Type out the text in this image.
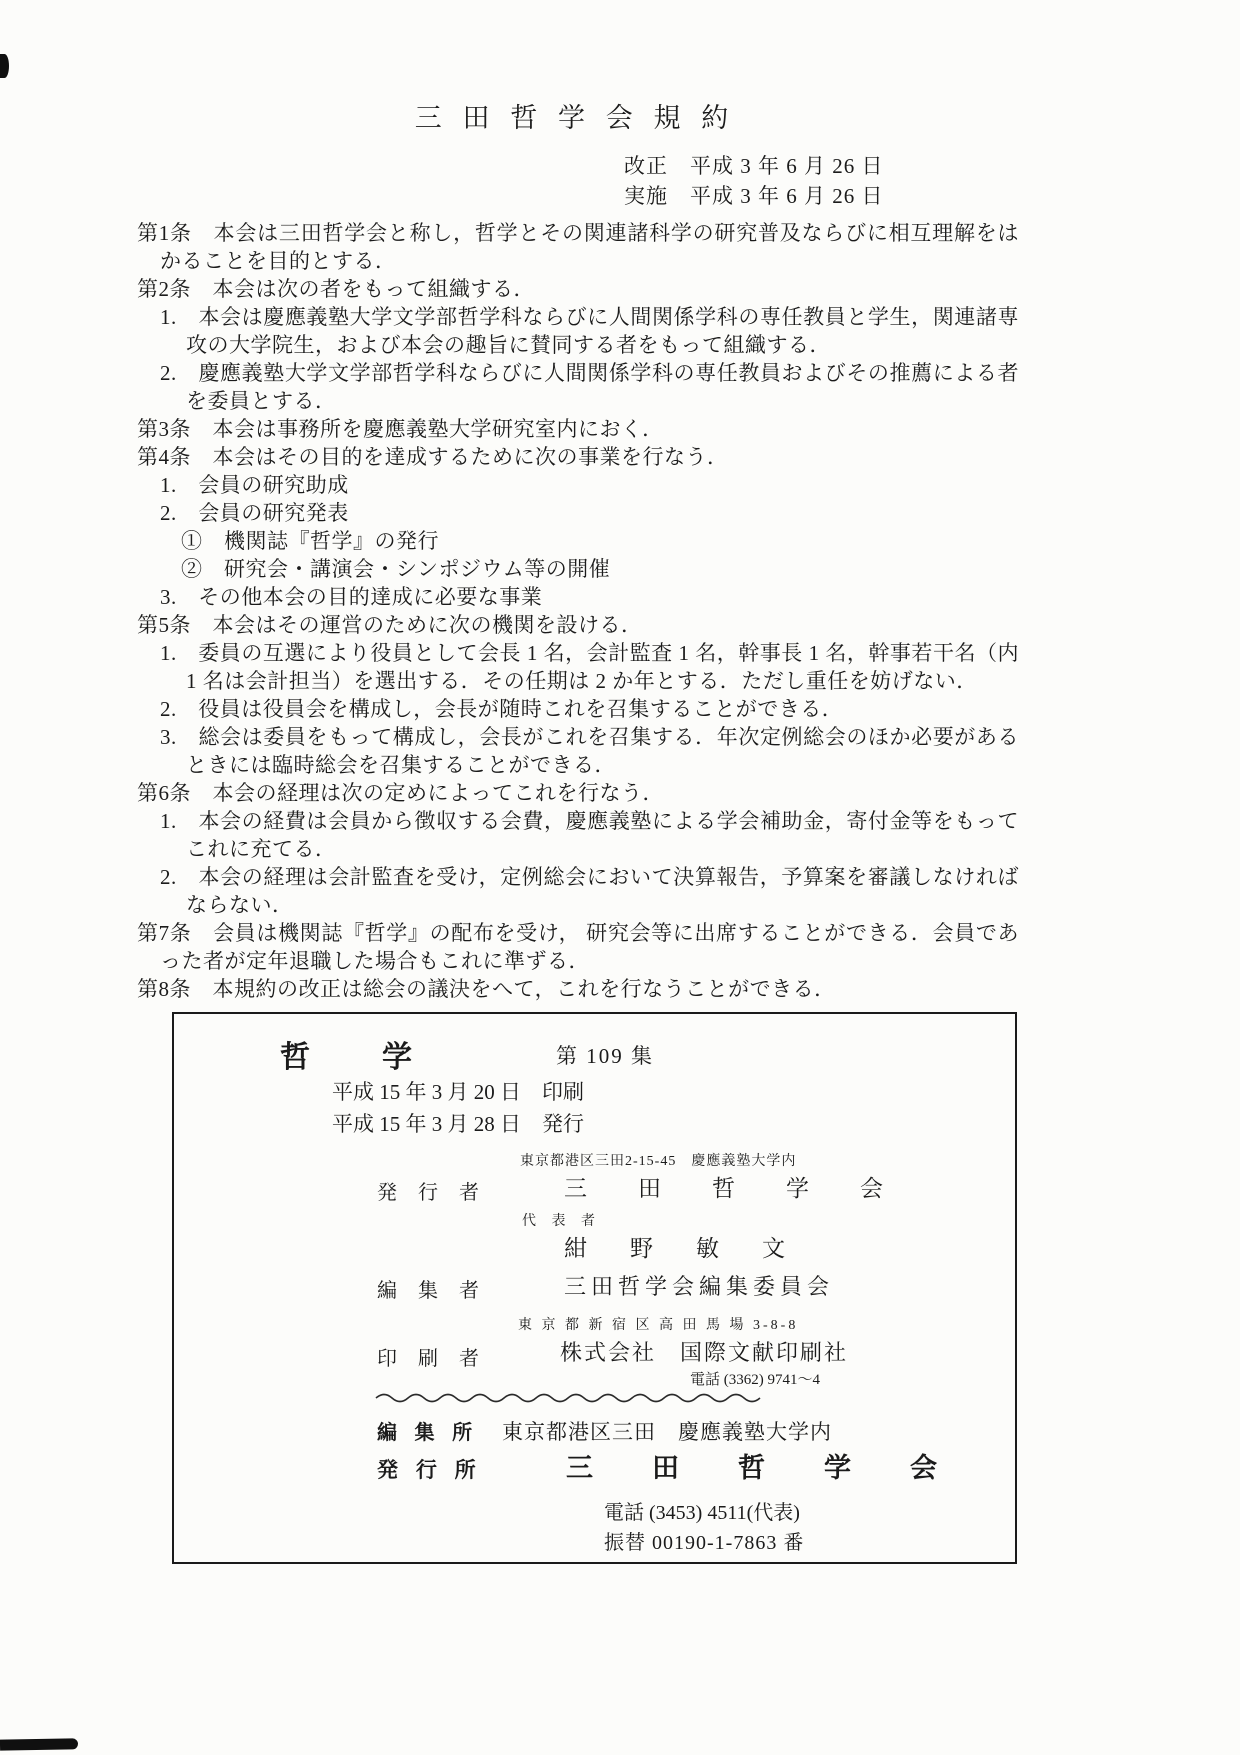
三 田 哲 学 会 規 約
改正　平成 3 年 6 月 26 日
実施　平成 3 年 6 月 26 日
第1条　本会は三田哲学会と称し，哲学とその関連諸科学の研究普及ならびに相互理解をはかることを目的とする．
第2条　本会は次の者をもって組織する．
1.　本会は慶應義塾大学文学部哲学科ならびに人間関係学科の専任教員と学生，関連諸専攻の大学院生，および本会の趣旨に賛同する者をもって組織する．
2.　慶應義塾大学文学部哲学科ならびに人間関係学科の専任教員およびその推薦による者を委員とする．
第3条　本会は事務所を慶應義塾大学研究室内におく．
第4条　本会はその目的を達成するために次の事業を行なう．
1.　会員の研究助成
2.　会員の研究発表
①　機関誌『哲学』の発行
②　研究会・講演会・シンポジウム等の開催
3.　その他本会の目的達成に必要な事業
第5条　本会はその運営のために次の機関を設ける．
1.　委員の互選により役員として会長 1 名，会計監査 1 名，幹事長 1 名，幹事若干名（内 1 名は会計担当）を選出する．その任期は 2 か年とする．ただし重任を妨げない．
2.　役員は役員会を構成し，会長が随時これを召集することができる．
3.　総会は委員をもって構成し，会長がこれを召集する．年次定例総会のほか必要があるときには臨時総会を召集することができる．
第6条　本会の経理は次の定めによってこれを行なう．
1.　本会の経費は会員から徴収する会費，慶應義塾による学会補助金，寄付金等をもってこれに充てる．
2.　本会の経理は会計監査を受け，定例総会において決算報告，予算案を審議しなければならない．
第7条　会員は機関誌『哲学』の配布を受け， 研究会等に出席することができる．会員であった者が定年退職した場合もこれに準ずる．
第8条　本規約の改正は総会の議決をへて，これを行なうことができる．
哲　　学	第 109 集
平成 15 年 3 月 20 日　印刷
平成 15 年 3 月 28 日　発行
東京都港区三田2-15-45　慶應義塾大学内
発 行 者	三　田　哲　学　会
代 表 者
紺　野　敏　文
編 集 者	三田哲学会編集委員会
東 京 都 新 宿 区 高 田 馬 場 3-8-8
印 刷 者	株式会社　国際文献印刷社
電話 (3362) 9741～4
編 集 所 東京都港区三田　慶應義塾大学内
発 行 所	三　田　哲　学　会
電話 (3453) 4511(代表)
振替 00190-1-7863 番
